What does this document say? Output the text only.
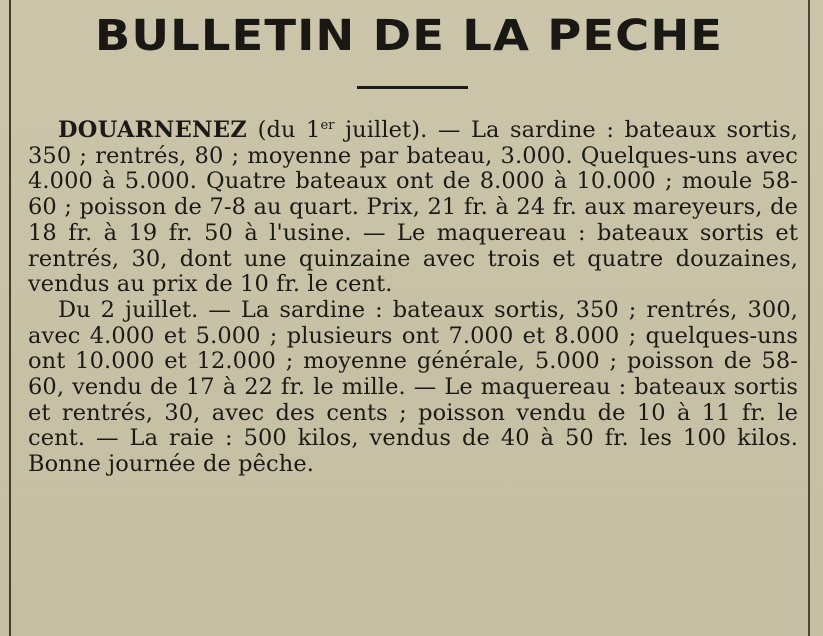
BULLETIN DE LA PECHE

DOUARNENEZ (du 1er juillet). — La sardine : bateaux sortis, 350 ; rentrés, 80 ; moyenne par bateau, 3.000. Quelques-uns avec 4.000 à 5.000. Quatre bateaux ont de 8.000 à 10.000 ; moule 58-60 ; poisson de 7-8 au quart. Prix, 21 fr. à 24 fr. aux mareyeurs, de 18 fr. à 19 fr. 50 à l'usine. — Le maquereau : bateaux sortis et rentrés, 30, dont une quinzaine avec trois et quatre douzaines, vendus au prix de 10 fr. le cent.

Du 2 juillet. — La sardine : bateaux sortis, 350 ; rentrés, 300, avec 4.000 et 5.000 ; plusieurs ont 7.000 et 8.000 ; quelques-uns ont 10.000 et 12.000 ; moyenne générale, 5.000 ; poisson de 58-60, vendu de 17 à 22 fr. le mille. — Le maquereau : bateaux sortis et rentrés, 30, avec des cents ; poisson vendu de 10 à 11 fr. le cent. — La raie : 500 kilos, vendus de 40 à 50 fr. les 100 kilos. Bonne journée de pêche.
